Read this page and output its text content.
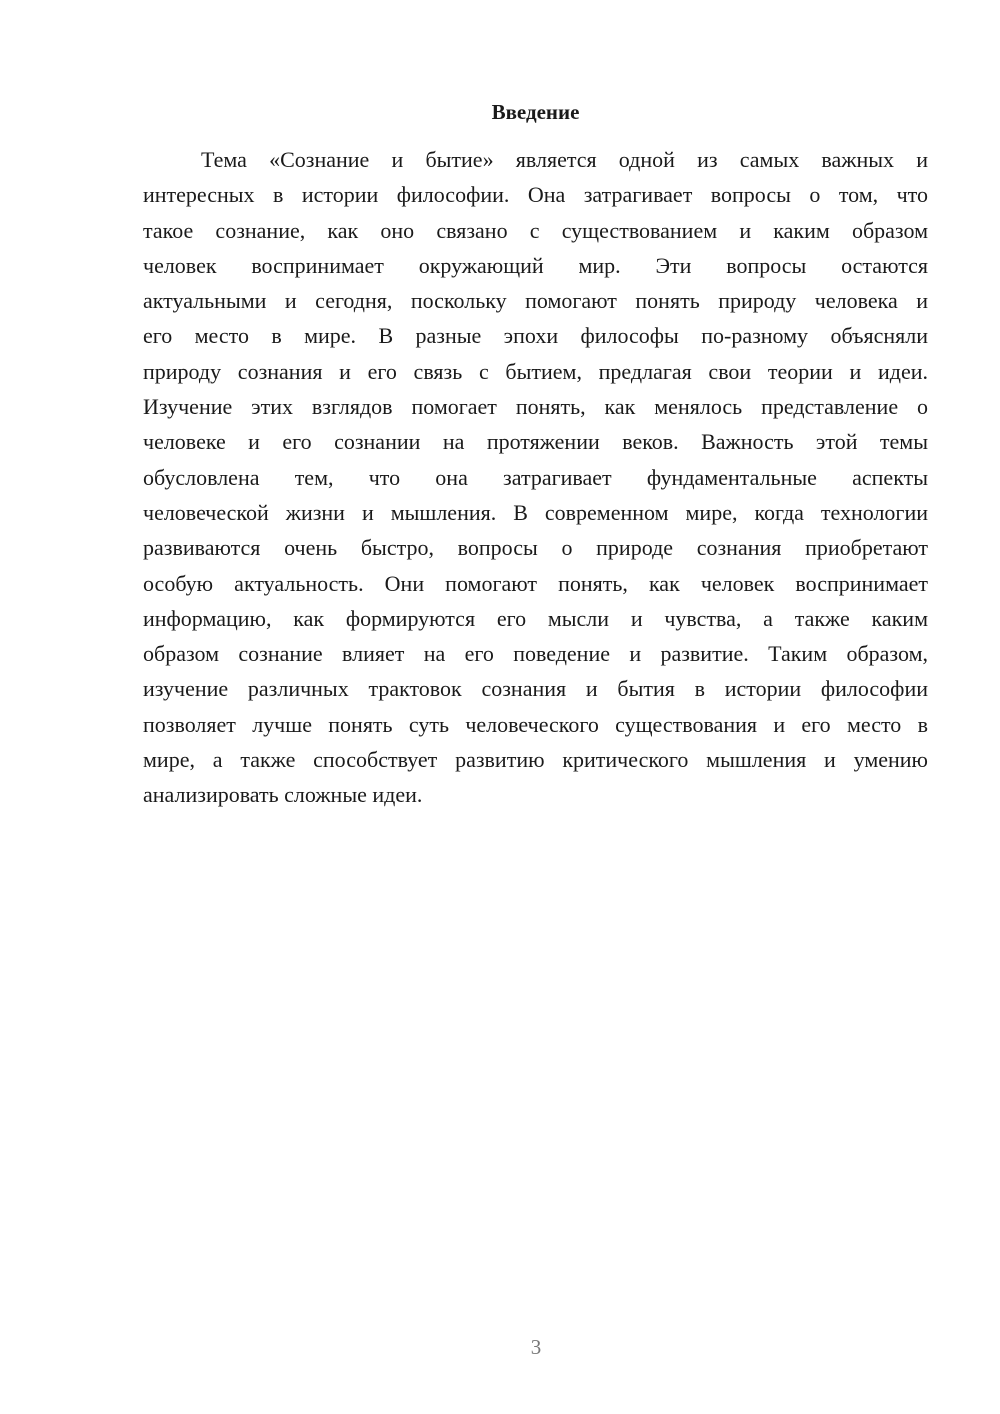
Введение
Тема «Сознание и бытие» является одной из самых важных и
интересных в истории философии. Она затрагивает вопросы о том, что
такое сознание, как оно связано с существованием и каким образом
человек воспринимает окружающий мир. Эти вопросы остаются
актуальными и сегодня, поскольку помогают понять природу человека и
его место в мире. В разные эпохи философы по-разному объясняли
природу сознания и его связь с бытием, предлагая свои теории и идеи.
Изучение этих взглядов помогает понять, как менялось представление о
человеке и его сознании на протяжении веков. Важность этой темы
обусловлена тем, что она затрагивает фундаментальные аспекты
человеческой жизни и мышления. В современном мире, когда технологии
развиваются очень быстро, вопросы о природе сознания приобретают
особую актуальность. Они помогают понять, как человек воспринимает
информацию, как формируются его мысли и чувства, а также каким
образом сознание влияет на его поведение и развитие. Таким образом,
изучение различных трактовок сознания и бытия в истории философии
позволяет лучше понять суть человеческого существования и его место в
мире, а также способствует развитию критического мышления и умению
анализировать сложные идеи.
3
